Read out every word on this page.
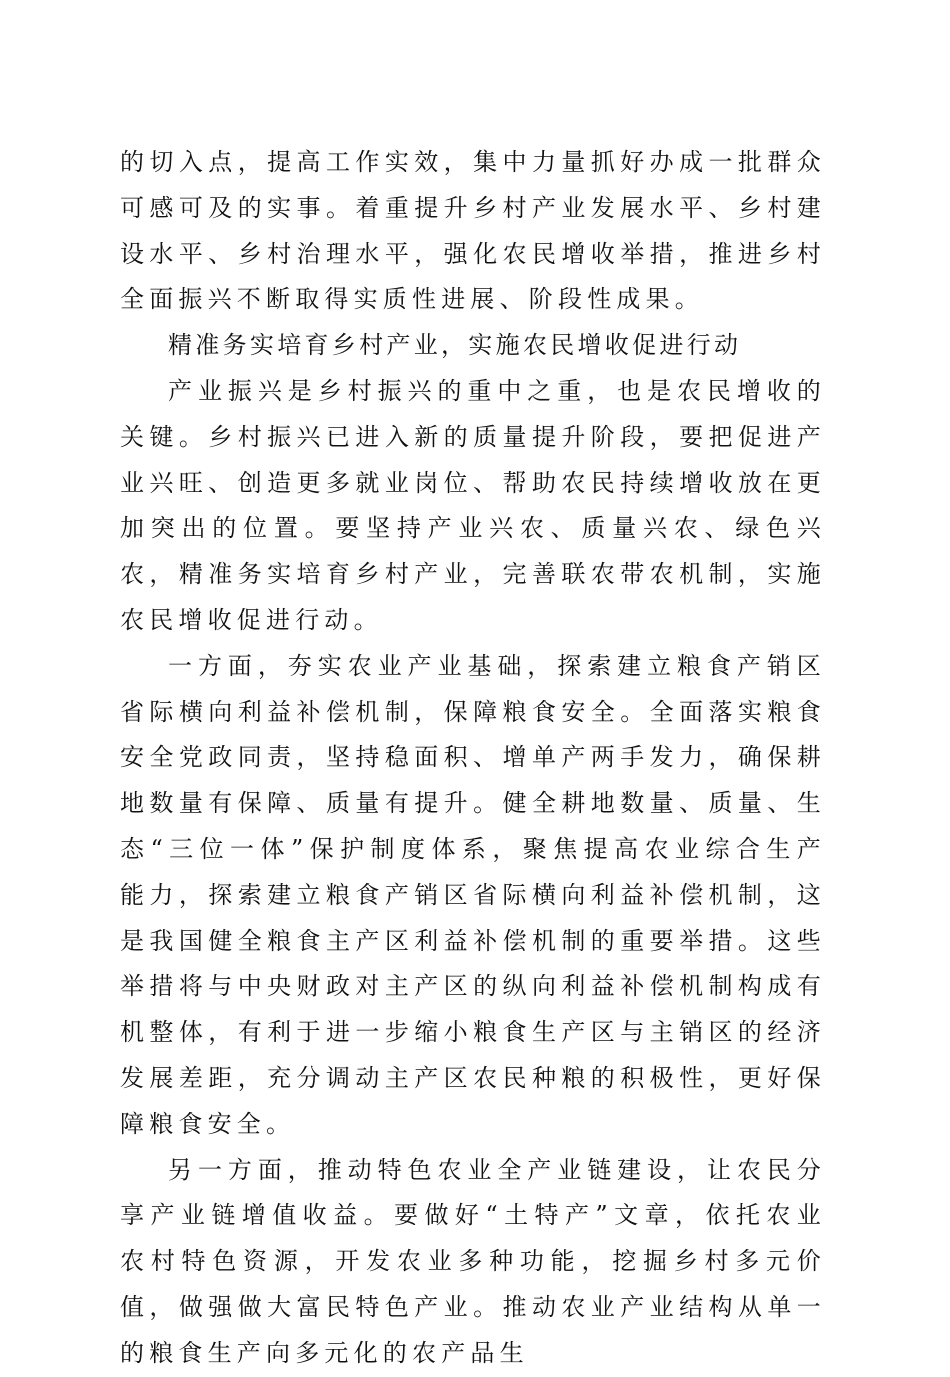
的切入点，提高工作实效，集中力量抓好办成一批群众可感可及的实事。着重提升乡村产业发展水平、乡村建设水平、乡村治理水平，强化农民增收举措，推进乡村全面振兴不断取得实质性进展、阶段性成果。

精准务实培育乡村产业，实施农民增收促进行动

产业振兴是乡村振兴的重中之重，也是农民增收的关键。乡村振兴已进入新的质量提升阶段，要把促进产业兴旺、创造更多就业岗位、帮助农民持续增收放在更加突出的位置。要坚持产业兴农、质量兴农、绿色兴农，精准务实培育乡村产业，完善联农带农机制，实施农民增收促进行动。

一方面，夯实农业产业基础，探索建立粮食产销区省际横向利益补偿机制，保障粮食安全。全面落实粮食安全党政同责，坚持稳面积、增单产两手发力，确保耕地数量有保障、质量有提升。健全耕地数量、质量、生态“三位一体”保护制度体系，聚焦提高农业综合生产能力，探索建立粮食产销区省际横向利益补偿机制，这是我国健全粮食主产区利益补偿机制的重要举措。这些举措将与中央财政对主产区的纵向利益补偿机制构成有机整体，有利于进一步缩小粮食生产区与主销区的经济发展差距，充分调动主产区农民种粮的积极性，更好保障粮食安全。

另一方面，推动特色农业全产业链建设，让农民分享产业链增值收益。要做好“土特产”文章，依托农业农村特色资源，开发农业多种功能，挖掘乡村多元价值，做强做大富民特色产业。推动农业产业结构从单一的粮食生产向多元化的农产品生
